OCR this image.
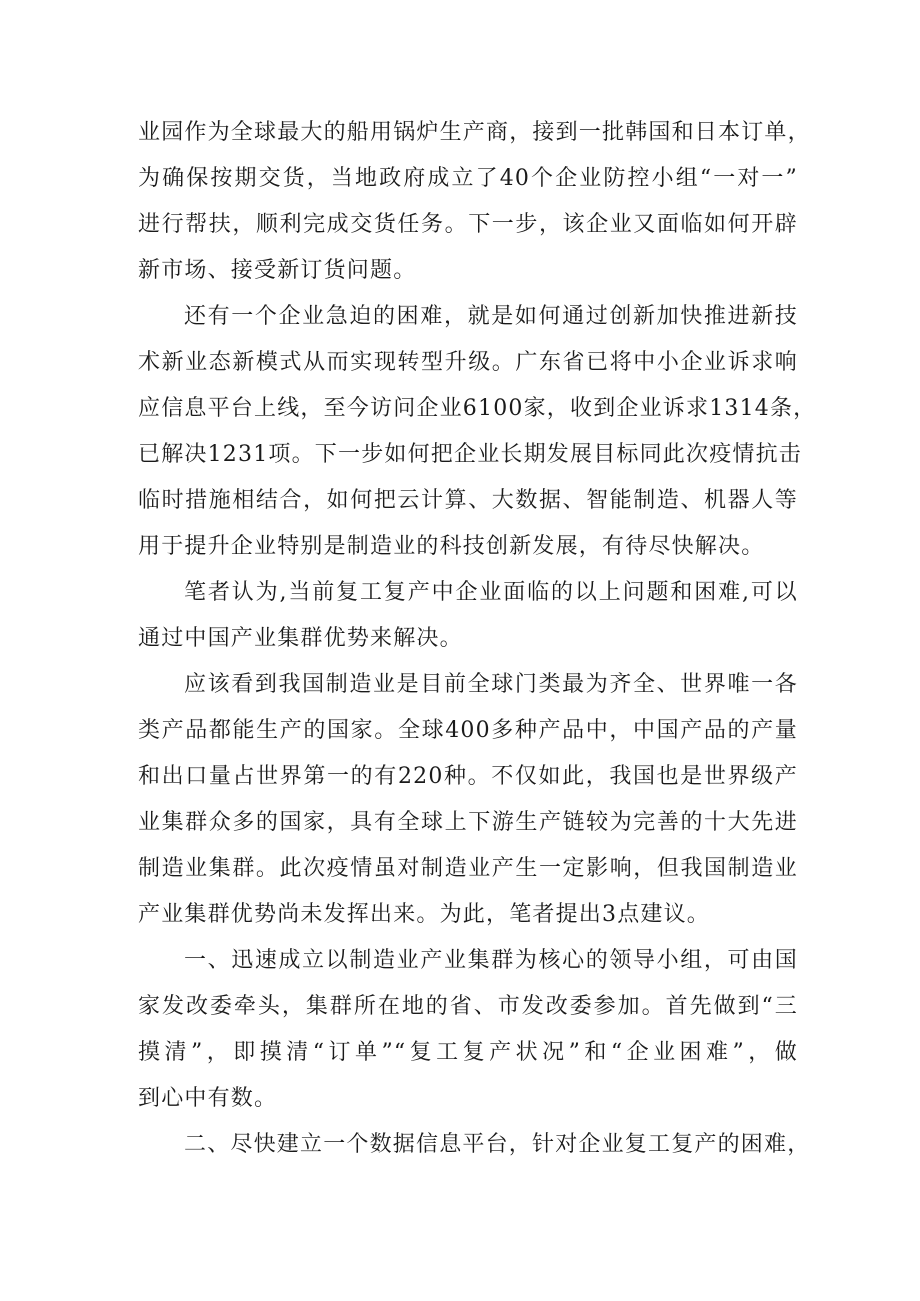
业园作为全球最大的船用锅炉生产商，接到一批韩国和日本订单，
为确保按期交货，当地政府成立了40个企业防控小组“一对一”
进行帮扶，顺利完成交货任务。下一步，该企业又面临如何开辟
新市场、接受新订货问题。
还有一个企业急迫的困难，就是如何通过创新加快推进新技
术新业态新模式从而实现转型升级。广东省已将中小企业诉求响
应信息平台上线，至今访问企业6100家，收到企业诉求1314条，
已解决1231项。下一步如何把企业长期发展目标同此次疫情抗击
临时措施相结合，如何把云计算、大数据、智能制造、机器人等
用于提升企业特别是制造业的科技创新发展，有待尽快解决。
笔者认为,当前复工复产中企业面临的以上问题和困难,可以
通过中国产业集群优势来解决。
应该看到我国制造业是目前全球门类最为齐全、世界唯一各
类产品都能生产的国家。全球400多种产品中，中国产品的产量
和出口量占世界第一的有220种。不仅如此，我国也是世界级产
业集群众多的国家，具有全球上下游生产链较为完善的十大先进
制造业集群。此次疫情虽对制造业产生一定影响，但我国制造业
产业集群优势尚未发挥出来。为此，笔者提出3点建议。
一、迅速成立以制造业产业集群为核心的领导小组，可由国
家发改委牵头，集群所在地的省、市发改委参加。首先做到“三
摸清”，即摸清“订单”“复工复产状况”和“企业困难”，做
到心中有数。
二、尽快建立一个数据信息平台，针对企业复工复产的困难，
